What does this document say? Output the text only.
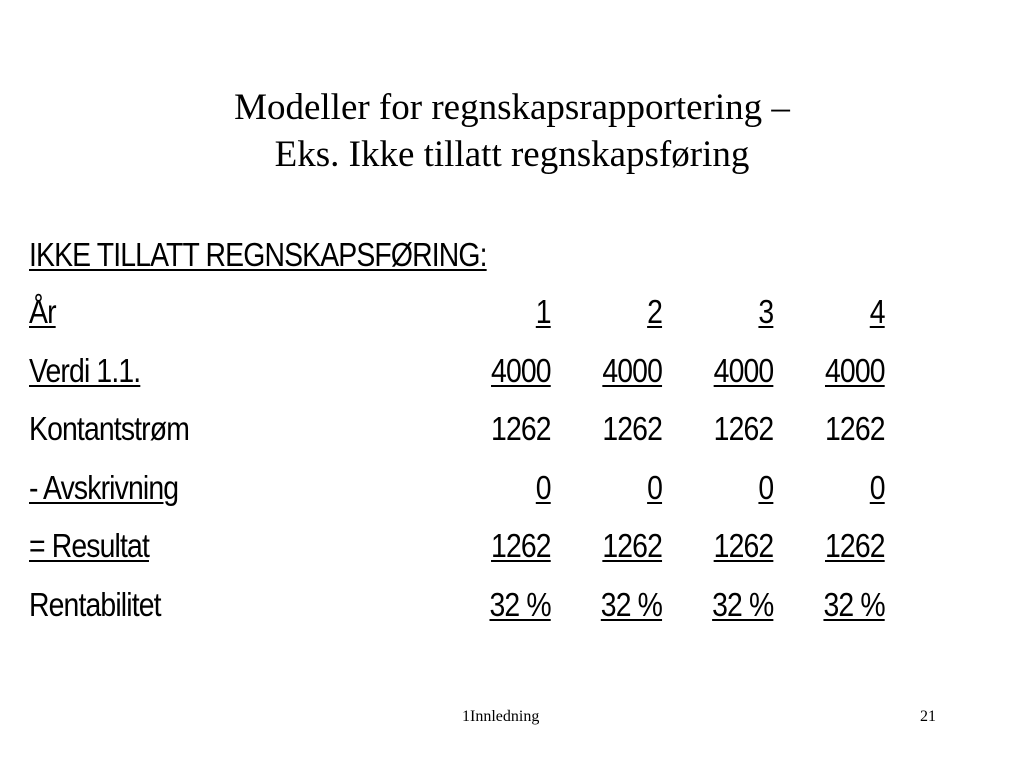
Modeller for regnskapsrapportering –
Eks. Ikke tillatt regnskapsføring
IKKE TILLATT REGNSKAPSFØRING:
År	1	2	3	4
Verdi 1.1.	4000	4000	4000	4000
Kontantstrøm	1262	1262	1262	1262
- Avskrivning	0	0	0	0
= Resultat	1262	1262	1262	1262
Rentabilitet	32 %	32 %	32 %	32 %
1Innledning	21
